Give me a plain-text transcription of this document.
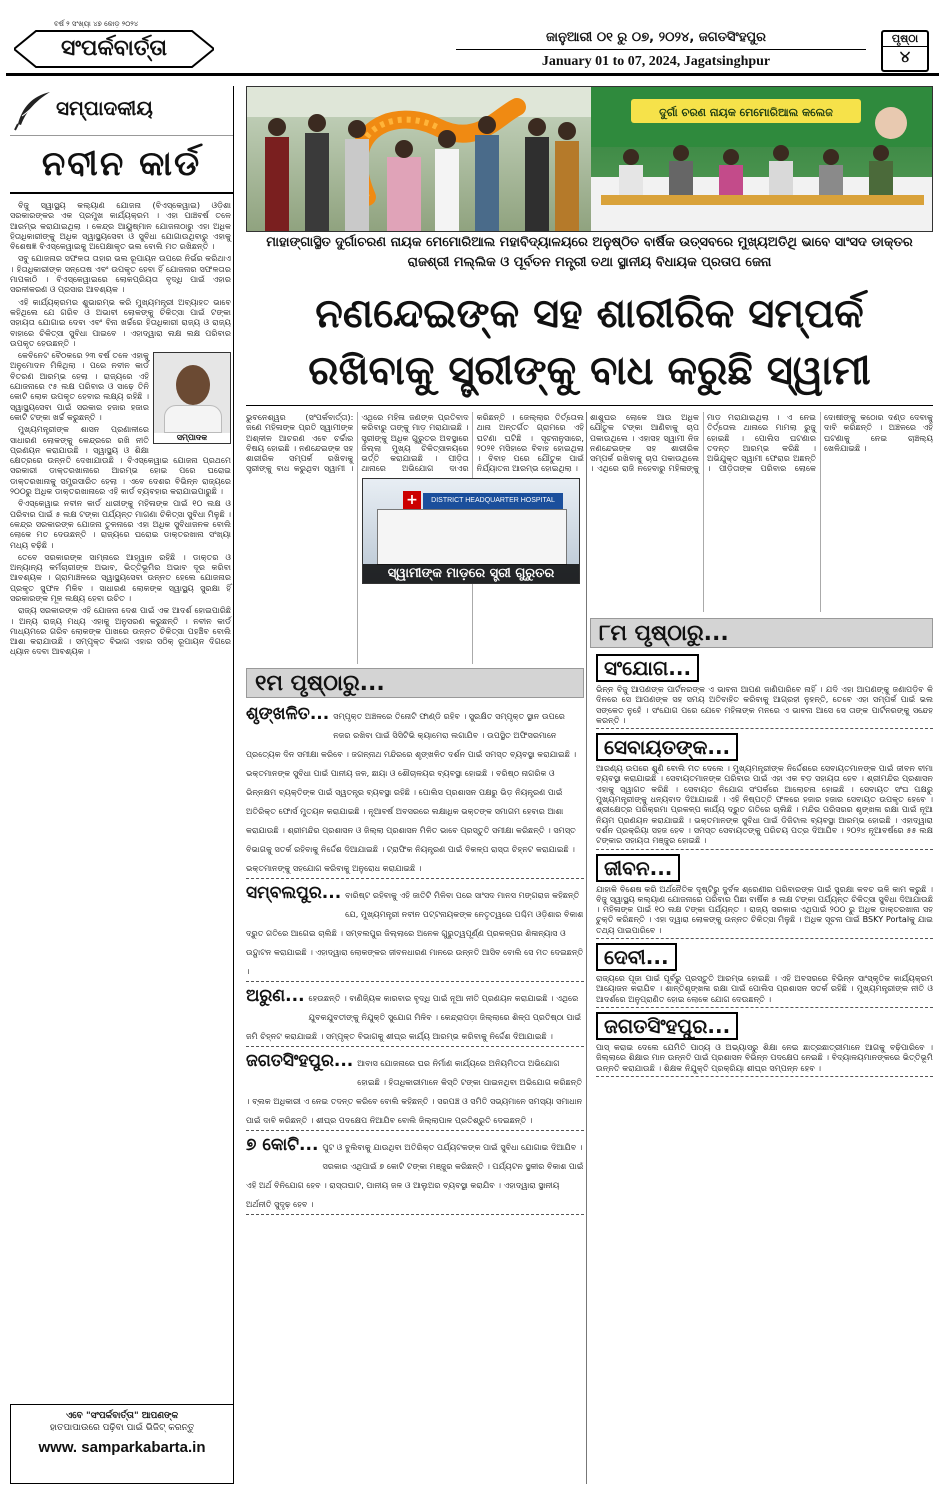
ବର୍ଷ ୨ ସଂଖ୍ୟା ୪୭ କୋଡ଼ ୨୦୨୪
ସଂପର୍କବାର୍ତ୍ତା	ଜାନୁଆରୀ ୦୧ ରୁ ୦୭, ୨୦୨୪, ଜଗତସିଂହପୁର
January 01 to 07, 2024, Jagatsinghpur
ପୃଷ୍ଠା
୪
ସମ୍ପାଦକୀୟ
ନବୀନ କାର୍ଡ

ବିଜୁ ସ୍ୱାସ୍ଥ୍ୟ କଲ୍ୟାଣ ଯୋଜନା (ବିଏସ୍କେୱାଇ) ଓଡ଼ିଶା ସରକାରଙ୍କର ଏକ ପ୍ରମୁଖ କାର୍ଯ୍ୟକ୍ରମ । ଏହା ପାଞ୍ଚବର୍ଷ ତଳେ ଆରମ୍ଭ କରାଯାଇଥିଲା । କେନ୍ଦ୍ର ଆୟୁଷ୍ମାନ ଯୋଜନାଠାରୁ ଏହା ଅଧିକ ହିତାଧିକାରୀଙ୍କୁ ଅଧିକ ସ୍ୱାସ୍ଥ୍ୟସେବା ଓ ସୁବିଧା ଯୋଗାଉଥିବାରୁ ଏହାକୁ ବିଶେଷଜ୍ଞ ବିଏସ୍କେୱାଇକୁ ଅପେକ୍ଷାକୃତ ଭଲ ବୋଲି ମତ ରଖିଛନ୍ତି ।

ସବୁ ଯୋଜନାର ସଫଳତା ତାହାର ଭଲ ରୂପାୟନ ଉପରେ ନିର୍ଭର କରିଥାଏ । ହିତାଧିକାରୀଙ୍କ ସନ୍ତୋଷ ଏବଂ ଉପକୃତ ହେବା ହିଁ ଯୋଜନାର ସଫଳତାର ମାପକାଠି । ବିଏସ୍କେୱାଇରେ ଲୋକପ୍ରିୟତା ବୃଦ୍ଧି ପାଇଁ ଏହାର ସରଳୀକରଣ ଓ ପ୍ରସାର ଆବଶ୍ୟକ ।

ଏହି କାର୍ଯ୍ୟକ୍ରମର ଶୁଭାରମ୍ଭ କରି ମୁଖ୍ୟମନ୍ତ୍ରୀ ଅବ୍ୟାହତ ଭାବେ କହିଥିଲେ ଯେ ଗରିବ ଓ ଅଭାବୀ ଲୋକଙ୍କୁ ଚିକିତ୍ସା ପାଇଁ ଟଙ୍କା ସହାୟତା ଯୋଗାଇ ଦେବା ଏବଂ ବିନା ଖର୍ଚ୍ଚରେ ହିତାଧିକାରୀ ରାଜ୍ୟ ଓ ରାଜ୍ୟ ବାହାରେ ଚିକିତ୍ସା ସୁବିଧା ପାଇବେ । ଏହାଦ୍ୱାରା ଲକ୍ଷ ଲକ୍ଷ ପରିବାର ଉପକୃତ ହେଉଛନ୍ତି ।

ସମ୍ପାଦକ

କେବିନେଟ ବୈଠକରେ ୨୩ ବର୍ଷ ତଳେ ଏହାକୁ ଅନୁମୋଦନ ମିଳିଥିଲା । ପରେ ନବୀନ କାର୍ଡ ବିତରଣ ଆରମ୍ଭ ହେଲା । ରାଜ୍ୟରେ ଏହି ଯୋଜନାରେ ୯୫ ଲକ୍ଷ ପରିବାର ଓ ସାଢ଼େ ତିନି କୋଟି ଲୋକ ଉପକୃତ ହେବାର ଲକ୍ଷ୍ୟ ରହିଛି । ସ୍ୱାସ୍ଥ୍ୟସେବା ପାଇଁ ସରକାର ହଜାର ହଜାର କୋଟି ଟଙ୍କା ଖର୍ଚ୍ଚ କରୁଛନ୍ତି ।

ମୁଖ୍ୟମନ୍ତ୍ରୀଙ୍କ ଶାସନ ପ୍ରଣାଳୀରେ ସାଧାରଣ ଲୋକଙ୍କୁ କେନ୍ଦ୍ରରେ ରଖି ନୀତି ପ୍ରଣୟନ କରାଯାଉଛି । ସ୍ୱାସ୍ଥ୍ୟ ଓ ଶିକ୍ଷା କ୍ଷେତ୍ରରେ ଉନ୍ନତି ଦେଖାଯାଉଛି । ବିଏସ୍କେୱାଇ ଯୋଜନା ପ୍ରଥମେ ସରକାରୀ ଡାକ୍ତରଖାନାରେ ଆରମ୍ଭ ହୋଇ ପରେ ଘରୋଇ ଡାକ୍ତରଖାନାକୁ ସମ୍ପ୍ରସାରିତ ହେଲା । ଏବେ ଦେଶର ବିଭିନ୍ନ ରାଜ୍ୟରେ ୨୦୦ରୁ ଅଧିକ ଡାକ୍ତରଖାନାରେ ଏହି କାର୍ଡ ବ୍ୟବହାର କରାଯାଇପାରୁଛି ।

ବିଏସ୍କେୱାଇ ନବୀନ କାର୍ଡ ଧାରୀଙ୍କୁ ମହିଳାଙ୍କ ପାଇଁ ୧୦ ଲକ୍ଷ ଓ ପରିବାର ପାଇଁ ୫ ଲକ୍ଷ ଟଙ୍କା ପର୍ଯ୍ୟନ୍ତ ମାଗଣା ଚିକିତ୍ସା ସୁବିଧା ମିଳୁଛି । କେନ୍ଦ୍ର ସରକାରଙ୍କ ଯୋଜନା ତୁଳନାରେ ଏହା ଅଧିକ ସୁବିଧାଜନକ ବୋଲି ଲୋକେ ମତ ଦେଉଛନ୍ତି । ରାଜ୍ୟରେ ଘରୋଇ ଡାକ୍ତରଖାନା ସଂଖ୍ୟା ମଧ୍ୟ ବଢ଼ିଛି ।

ତେବେ ସରକାରଙ୍କ ସାମ୍ନାରେ ଆହ୍ୱାନ ରହିଛି । ଡାକ୍ତର ଓ ଅନ୍ୟାନ୍ୟ କର୍ମଚାରୀଙ୍କ ଅଭାବ, ଭିତ୍ତିଭୂମିର ଅଭାବ ଦୂର କରିବା ଆବଶ୍ୟକ । ଗ୍ରାମାଞ୍ଚଳରେ ସ୍ୱାସ୍ଥ୍ୟସେବା ଉନ୍ନତ ହେଲେ ଯୋଜନାର ପ୍ରକୃତ ସୁଫଳ ମିଳିବ । ସାଧାରଣ ଲୋକଙ୍କ ସ୍ୱାସ୍ଥ୍ୟ ସୁରକ୍ଷା ହିଁ ସରକାରଙ୍କ ମୂଳ ଲକ୍ଷ୍ୟ ହେବା ଉଚିତ ।

ରାଜ୍ୟ ସରକାରଙ୍କ ଏହି ଯୋଜନା ଦେଶ ପାଇଁ ଏକ ଆଦର୍ଶ ହୋଇପାରିଛି । ଅନ୍ୟ ରାଜ୍ୟ ମଧ୍ୟ ଏହାକୁ ଅନୁସରଣ କରୁଛନ୍ତି । ନବୀନ କାର୍ଡ ମାଧ୍ୟମରେ ଗରିବ ଲୋକଙ୍କ ପାଖରେ ଉନ୍ନତ ଚିକିତ୍ସା ପହଞ୍ଚିବ ବୋଲି ଆଶା କରାଯାଉଛି । ସମ୍ପୃକ୍ତ ବିଭାଗ ଏହାର ସଠିକ୍ ରୂପାୟନ ଦିଗରେ ଧ୍ୟାନ ଦେବା ଆବଶ୍ୟକ ।

ଏବେ "ସଂପର୍କବାର୍ତ୍ତା" ଆପଣଙ୍କ
ହାତପାପାଉରେ ପଢ଼ିବା ପାଇଁ ଭିଜିଟ୍ କରନ୍ତୁ
www. samparkabarta.in
ଦୁର୍ଗା ଚରଣ ନାୟକ ମେମୋରିଆଲ କଲେଜ
ମାହାଙ୍ଗାସ୍ଥିତ ଦୁର୍ଗାଚରଣ ନାୟକ ମେମୋରିଆଲ ମହାବିଦ୍ୟାଳୟରେ ଅନୁଷ୍ଠିତ ବାର୍ଷିକ ଉତ୍ସବରେ ମୁଖ୍ୟଅତିଥି ଭାବେ ସାଂସଦ ଡାକ୍ତର ରାଜଶ୍ରୀ ମଲ୍ଲିକ ଓ ପୂର୍ବତନ ମନ୍ତ୍ରୀ ତଥା ସ୍ଥାନୀୟ ବିଧାୟକ ପ୍ରତାପ ଜେନା
ନଣନ୍ଦେଇଙ୍କ ସହ ଶାରୀରିକ ସମ୍ପର୍କ ରଖିବାକୁ ସ୍ତ୍ରୀଙ୍କୁ ବାଧ କରୁଛି ସ୍ୱାମୀ
ଭୁବନେଶ୍ୱର (ସଂପର୍କବାର୍ତ୍ତା): ଜଣେ ମହିଳାଙ୍କ ପ୍ରତି ସ୍ୱାମୀଙ୍କ ଅଶ୍ଳୀଳ ଆଚରଣ ଏବେ ଚର୍ଚ୍ଚାର ବିଷୟ ହୋଇଛି । ନଣନ୍ଦେଇଙ୍କ ସହ ଶାରୀରିକ ସମ୍ପର୍କ ରଖିବାକୁ ସ୍ତ୍ରୀଙ୍କୁ ବାଧ କରୁଥିବା ସ୍ୱାମୀ । ଏଥିରେ ମହିଳା ଜଣଙ୍କ ପ୍ରତିବାଦ କରିବାରୁ ତାଙ୍କୁ ମାଡ଼ ମରାଯାଇଛି । ସ୍ତ୍ରୀଙ୍କୁ ଅଧିକ ଗୁରୁତର ଅବସ୍ଥାରେ ଜିଲ୍ଲା ମୁଖ୍ୟ ଚିକିତ୍ସାଳୟରେ ଭର୍ତ୍ତି କରାଯାଇଛି । ପୀଡ଼ିତା ଥାନାରେ ଅଭିଯୋଗ ଦାଏର କରିଛନ୍ତି । ଜେଲ୍ଲାର ତିର୍ତ୍ତୋଲ ଥାନା ଅନ୍ତର୍ଗତ ଗ୍ରାମରେ ଏହି ଘଟଣା ଘଟିଛି । ସୂଚନାନୁସାରେ, ୨୦୨୧ ମସିହାରେ ବିବାହ ହୋଇଥିଲା । ବିବାହ ପରେ ଯୌତୁକ ପାଇଁ ନିର୍ଯ୍ୟାତନା ଆରମ୍ଭ ହୋଇଥିଲା ।
+	DISTRICT HEADQUARTER HOSPITAL
ସ୍ୱାମୀଙ୍କ ମାଡ଼ରେ ସ୍ତ୍ରୀ ଗୁରୁତର
ଶାଶୁଘର ଲୋକେ ଆଉ ଅଧିକ ଯୌତୁକ ଟଙ୍କା ଆଣିବାକୁ ଚାପ ପକାଉଥିଲେ । ଏହାସହ ସ୍ୱାମୀ ନିଜ ନଣନ୍ଦେଇଙ୍କ ସହ ଶାରୀରିକ ସମ୍ପର୍କ ରଖିବାକୁ ଚାପ ପକାଉଥିଲେ । ଏଥିରେ ରାଜି ନହେବାରୁ ମହିଳାଙ୍କୁ ମାଡ଼ ମରାଯାଇଥିଲା । ଏ ନେଇ ତିର୍ତ୍ତୋଲ ଥାନାରେ ମାମଲା ରୁଜୁ ହୋଇଛି । ପୋଲିସ ଘଟଣାର ତଦନ୍ତ ଆରମ୍ଭ କରିଛି । ଅଭିଯୁକ୍ତ ସ୍ୱାମୀ ଫେରାର ଅଛନ୍ତି । ପୀଡ଼ିତାଙ୍କ ପରିବାର ଲୋକେ ଦୋଷୀଙ୍କୁ କଠୋର ଦଣ୍ଡ ଦେବାକୁ ଦାବି କରିଛନ୍ତି । ଅଞ୍ଚଳରେ ଏହି ଘଟଣାକୁ ନେଇ ଚାଞ୍ଚଲ୍ୟ ଖେଳିଯାଇଛି ।
୧ମ ପୃଷ୍ଠାରୁ...
୮ମ ପୃଷ୍ଠାରୁ...
ଶୃଙ୍ଖଳିତ... ସମ୍ପୃକ୍ତ ଅଞ୍ଚଳରେ ତିନୋଟି ଫାଣ୍ଡି ରହିବ । ସୁରକ୍ଷିତ ସମ୍ପୃକ୍ତ ସ୍ଥାନ ଉପରେ ନଜର ରଖିବା ପାଇଁ ସିସିଟିଭି କ୍ୟାମେରା ଲଗାଯିବ । ଉପସ୍ଥିତ ଅଫିସରମାନେ ପ୍ରତ୍ୟେକ ଦିନ ସମୀକ୍ଷା କରିବେ । ଜଗନ୍ନାଥ ମନ୍ଦିରରେ ଶୃଙ୍ଖଳିତ ଦର୍ଶନ ପାଇଁ ସମସ୍ତ ବ୍ୟବସ୍ଥା କରାଯାଇଛି । ଭକ୍ତମାନଙ୍କ ସୁବିଧା ପାଇଁ ପାନୀୟ ଜଳ, ଛାୟା ଓ ଶୌଚାଳୟର ବ୍ୟବସ୍ଥା ହୋଇଛି । ବରିଷ୍ଠ ନାଗରିକ ଓ ଭିନ୍ନକ୍ଷମ ବ୍ୟକ୍ତିଙ୍କ ପାଇଁ ସ୍ୱତନ୍ତ୍ର ବ୍ୟବସ୍ଥା ରହିଛି । ପୋଲିସ ପ୍ରଶାସନ ପକ୍ଷରୁ ଭିଡ଼ ନିୟନ୍ତ୍ରଣ ପାଇଁ ଅତିରିକ୍ତ ଫୋର୍ସ ମୁତୟନ କରାଯାଇଛି । ନୂଆବର୍ଷ ଅବସରରେ ଲକ୍ଷାଧିକ ଭକ୍ତଙ୍କ ସମାଗମ ହେବାର ଆଶା କରାଯାଉଛି । ଶ୍ରୀମନ୍ଦିର ପ୍ରଶାସନ ଓ ଜିଲ୍ଲା ପ୍ରଶାସନ ମିଳିତ ଭାବେ ପ୍ରସ୍ତୁତି ସମୀକ୍ଷା କରିଛନ୍ତି । ସମସ୍ତ ବିଭାଗକୁ ସତର୍କ ରହିବାକୁ ନିର୍ଦ୍ଦେଶ ଦିଆଯାଇଛି । ଟ୍ରାଫିକ ନିୟନ୍ତ୍ରଣ ପାଇଁ ବିକଳ୍ପ ରାସ୍ତା ଚିହ୍ନଟ କରାଯାଇଛି । ଭକ୍ତମାନଙ୍କୁ ସହଯୋଗ କରିବାକୁ ଅନୁରୋଧ କରାଯାଇଛି ।
ସମ୍ବଲପୁର... ବାରିଷ୍ଟ ରହିବାକୁ ଏହି ଜାତିଟି ମିଳିବା ପରେ ସାଂସଦ ମାନସ ମଙ୍ଗରାଜ କହିଛନ୍ତି ଯେ, ମୁଖ୍ୟମନ୍ତ୍ରୀ ନବୀନ ପଟ୍ଟନାୟକଙ୍କ ନେତୃତ୍ୱରେ ପଶ୍ଚିମ ଓଡ଼ିଶାର ବିକାଶ ଦ୍ରୁତ ଗତିରେ ଆଗେଇ ଚାଲିଛି । ସମ୍ବଲପୁର ଜିଲ୍ଲାରେ ଅନେକ ଗୁରୁତ୍ୱପୂର୍ଣ୍ଣ ପ୍ରକଳ୍ପର ଶିଳାନ୍ୟାସ ଓ ଉଦ୍ଘାଟନ କରାଯାଇଛି । ଏହାଦ୍ୱାରା ଲୋକଙ୍କର ଜୀବନଧାରଣ ମାନରେ ଉନ୍ନତି ଆସିବ ବୋଲି ସେ ମତ ଦେଇଛନ୍ତି ।
ଅରୁଣ... ହେଉଛନ୍ତି । ବାଣିଜ୍ୟିକ କାରବାର ବୃଦ୍ଧି ପାଇଁ ନୂଆ ନୀତି ପ୍ରଣୟନ କରାଯାଇଛି । ଏଥିରେ ଯୁବକଯୁବତୀଙ୍କୁ ନିଯୁକ୍ତି ସୁଯୋଗ ମିଳିବ । କେନ୍ଦ୍ରାପଡ଼ା ଜିଲ୍ଲାରେ ଶିଳ୍ପ ପ୍ରତିଷ୍ଠା ପାଇଁ ଜମି ଚିହ୍ନଟ କରାଯାଇଛି । ସମ୍ପୃକ୍ତ ବିଭାଗକୁ ଶୀଘ୍ର କାର୍ଯ୍ୟ ଆରମ୍ଭ କରିବାକୁ ନିର୍ଦ୍ଦେଶ ଦିଆଯାଇଛି ।
ଜଗତସିଂହପୁର... ଆବାସ ଯୋଜନାରେ ଘର ନିର୍ମାଣ କାର୍ଯ୍ୟରେ ଅନିୟମିତତା ଅଭିଯୋଗ ହୋଇଛି । ହିତାଧିକାରୀମାନେ କିସ୍ତି ଟଙ୍କା ପାଇନଥିବା ଅଭିଯୋଗ କରିଛନ୍ତି । ବ୍ଲକ ଅଧିକାରୀ ଏ ନେଇ ତଦନ୍ତ କରିବେ ବୋଲି କହିଛନ୍ତି । ସରପଞ୍ଚ ଓ ସମିତି ସଭ୍ୟମାନେ ସମସ୍ୟା ସମାଧାନ ପାଇଁ ଦାବି କରିଛନ୍ତି । ଶୀଘ୍ର ପଦକ୍ଷେପ ନିଆଯିବ ବୋଲି ଜିଲ୍ଲାପାଳ ପ୍ରତିଶ୍ରୁତି ଦେଇଛନ୍ତି ।
୭ କୋଟି... ପୁଟ ଓ ବୁଲିବାକୁ ଯାଉଥିବା ଅତିରିକ୍ତ ପର୍ଯ୍ୟଟକଙ୍କ ପାଇଁ ସୁବିଧା ଯୋଗାଇ ଦିଆଯିବ । ସରକାର ଏଥିପାଇଁ ୭ କୋଟି ଟଙ୍କା ମଞ୍ଜୁର କରିଛନ୍ତି । ପର୍ଯ୍ୟଟନ ସ୍ଥଳୀର ବିକାଶ ପାଇଁ ଏହି ଅର୍ଥ ବିନିଯୋଗ ହେବ । ରାସ୍ତାଘାଟ, ପାନୀୟ ଜଳ ଓ ଆଲୁଅର ବ୍ୟବସ୍ଥା କରାଯିବ । ଏହାଦ୍ୱାରା ସ୍ଥାନୀୟ ଅର୍ଥନୀତି ସୁଦୃଢ଼ ହେବ ।
ସଂଯୋଗ...
ଭିନ୍ନ ବିଜୁ ଆପଣଙ୍କ ପାର୍ଟନରଙ୍କ ଏ ଭାବନା ଆପଣ ଜାଣିପାରିବେ ନାହିଁ । ଯଦି ଏହା ଆପଣଙ୍କୁ ଜଣାପଡ଼ିବ କି ଦିନରେ ସେ ଆପଣଙ୍କ ସହ ସମୟ ଅତିବାହିତ କରିବାକୁ ଆଗ୍ରହୀ ନୁହନ୍ତି, ତେବେ ଏହା ସମ୍ପର୍କ ପାଇଁ ଭଲ ସଙ୍କେତ ନୁହେଁ । ସଂଯୋଗ ପରେ ଯେବେ ମହିଳାଙ୍କ ମନରେ ଏ ଭାବନା ଆସେ ସେ ତାଙ୍କ ପାର୍ଟନରଙ୍କୁ ସନ୍ଦେହ କରନ୍ତି ।
ସେବାୟତଙ୍କ...
ଆରଣ୍ୟ ଉପରେ ଶୁଣି ବୋଲି ମତ ଦେଲେ । ମୁଖ୍ୟମନ୍ତ୍ରୀଙ୍କ ନିର୍ଦ୍ଦେଶରେ ସେବାୟତମାନଙ୍କ ପାଇଁ ଜୀବନ ବୀମା ବ୍ୟବସ୍ଥା କରାଯାଇଛି । ସେବାୟତମାନଙ୍କ ପରିବାର ପାଇଁ ଏହା ଏକ ବଡ଼ ସହାୟତା ହେବ । ଶ୍ରୀମନ୍ଦିର ପ୍ରଶାସନ ଏହାକୁ ସ୍ୱାଗତ କରିଛି । ସେବାୟତ ନିଯୋଗ ସଂପର୍କରେ ଆଲୋଚନା ହୋଇଛି । ସେବାୟତ ସଂଘ ପକ୍ଷରୁ ମୁଖ୍ୟମନ୍ତ୍ରୀଙ୍କୁ ଧନ୍ୟବାଦ ଦିଆଯାଇଛି । ଏହି ନିଷ୍ପତ୍ତି ଫଳରେ ହଜାର ହଜାର ସେବାୟତ ଉପକୃତ ହେବେ । ଶ୍ରୀକ୍ଷେତ୍ର ପରିକ୍ରମା ପ୍ରକଳ୍ପ କାର୍ଯ୍ୟ ଦ୍ରୁତ ଗତିରେ ଚାଲିଛି । ମନ୍ଦିର ପରିସରର ଶୃଙ୍ଖଳା ରକ୍ଷା ପାଇଁ ନୂଆ ନିୟମ ପ୍ରଣୟନ କରାଯାଇଛି । ଭକ୍ତମାନଙ୍କ ସୁବିଧା ପାଇଁ ଡିଜିଟାଲ ବ୍ୟବସ୍ଥା ଆରମ୍ଭ ହୋଇଛି । ଏହାଦ୍ୱାରା ଦର୍ଶନ ପ୍ରକ୍ରିୟା ସହଜ ହେବ । ସମସ୍ତ ସେବାୟତଙ୍କୁ ପରିଚୟ ପତ୍ର ଦିଆଯିବ । ୨୦୨୪ ନୂଆବର୍ଷରେ ୫୫ ଲକ୍ଷ ଟଙ୍କାର ସହାୟତା ମଞ୍ଜୁର ହୋଇଛି ।
ଜୀବନ...
ଯାହାକି ବିଶେଷ କରି ଅର୍ଥନୈତିକ ଦୃଷ୍ଟିରୁ ଦୁର୍ବଳ ଶ୍ରେଣୀର ପରିବାରଙ୍କ ପାଇଁ ସୁରକ୍ଷା କବଚ ଭଳି କାମ କରୁଛି । ବିଜୁ ସ୍ୱାସ୍ଥ୍ୟ କଲ୍ୟାଣ ଯୋଜନାରେ ପରିବାର ପିଛା ବାର୍ଷିକ ୫ ଲକ୍ଷ ଟଙ୍କା ପର୍ଯ୍ୟନ୍ତ ଚିକିତ୍ସା ସୁବିଧା ଦିଆଯାଉଛି । ମହିଳାଙ୍କ ପାଇଁ ୧୦ ଲକ୍ଷ ଟଙ୍କା ପର୍ଯ୍ୟନ୍ତ । ରାଜ୍ୟ ସରକାର ଏଥିପାଇଁ ୨୦୦ ରୁ ଅଧିକ ଡାକ୍ତରଖାନା ସହ ଚୁକ୍ତି କରିଛନ୍ତି । ଏହା ଦ୍ୱାରା ଲୋକଙ୍କୁ ଉନ୍ନତ ଚିକିତ୍ସା ମିଳୁଛି । ଅଧିକ ସୂଚନା ପାଇଁ BSKY Portalକୁ ଯାଇ ତଥ୍ୟ ପାଇପାରିବେ ।
ଦେବୀ...
ରାଜ୍ୟରେ ପୂଜା ପାଇଁ ପୂର୍ବରୁ ପ୍ରସ୍ତୁତି ଆରମ୍ଭ ହୋଇଛି । ଏହି ଅବସରରେ ବିଭିନ୍ନ ସାଂସ୍କୃତିକ କାର୍ଯ୍ୟକ୍ରମ ଆୟୋଜନ କରାଯିବ । ଶାନ୍ତିଶୃଙ୍ଖଳା ରକ୍ଷା ପାଇଁ ପୋଲିସ ପ୍ରଶାସନ ସତର୍କ ରହିଛି । ମୁଖ୍ୟମନ୍ତ୍ରୀଙ୍କ ନୀତି ଓ ଆଦର୍ଶରେ ଅନୁପ୍ରାଣିତ ହୋଇ ଲୋକେ ଯୋଗ ଦେଉଛନ୍ତି ।
ଜଗତସିଂହପୁର...
ପାସ୍ କରାଇ ଦେଲେ ଯେମିତି ପାଠ୍ୟ ଓ ଅଭ୍ୟାସରୁ ଶିକ୍ଷା ନେଇ ଛାତ୍ରଛାତ୍ରୀମାନେ ଆଗକୁ ବଢ଼ିପାରିବେ । ଜିଲ୍ଲାରେ ଶିକ୍ଷାର ମାନ ଉନ୍ନତି ପାଇଁ ପ୍ରଶାସନ ବିଭିନ୍ନ ପଦକ୍ଷେପ ନେଇଛି । ବିଦ୍ୟାଳୟମାନଙ୍କରେ ଭିତ୍ତିଭୂମି ଉନ୍ନତି କରାଯାଉଛି । ଶିକ୍ଷକ ନିଯୁକ୍ତି ପ୍ରକ୍ରିୟା ଶୀଘ୍ର ସମ୍ପନ୍ନ ହେବ ।
